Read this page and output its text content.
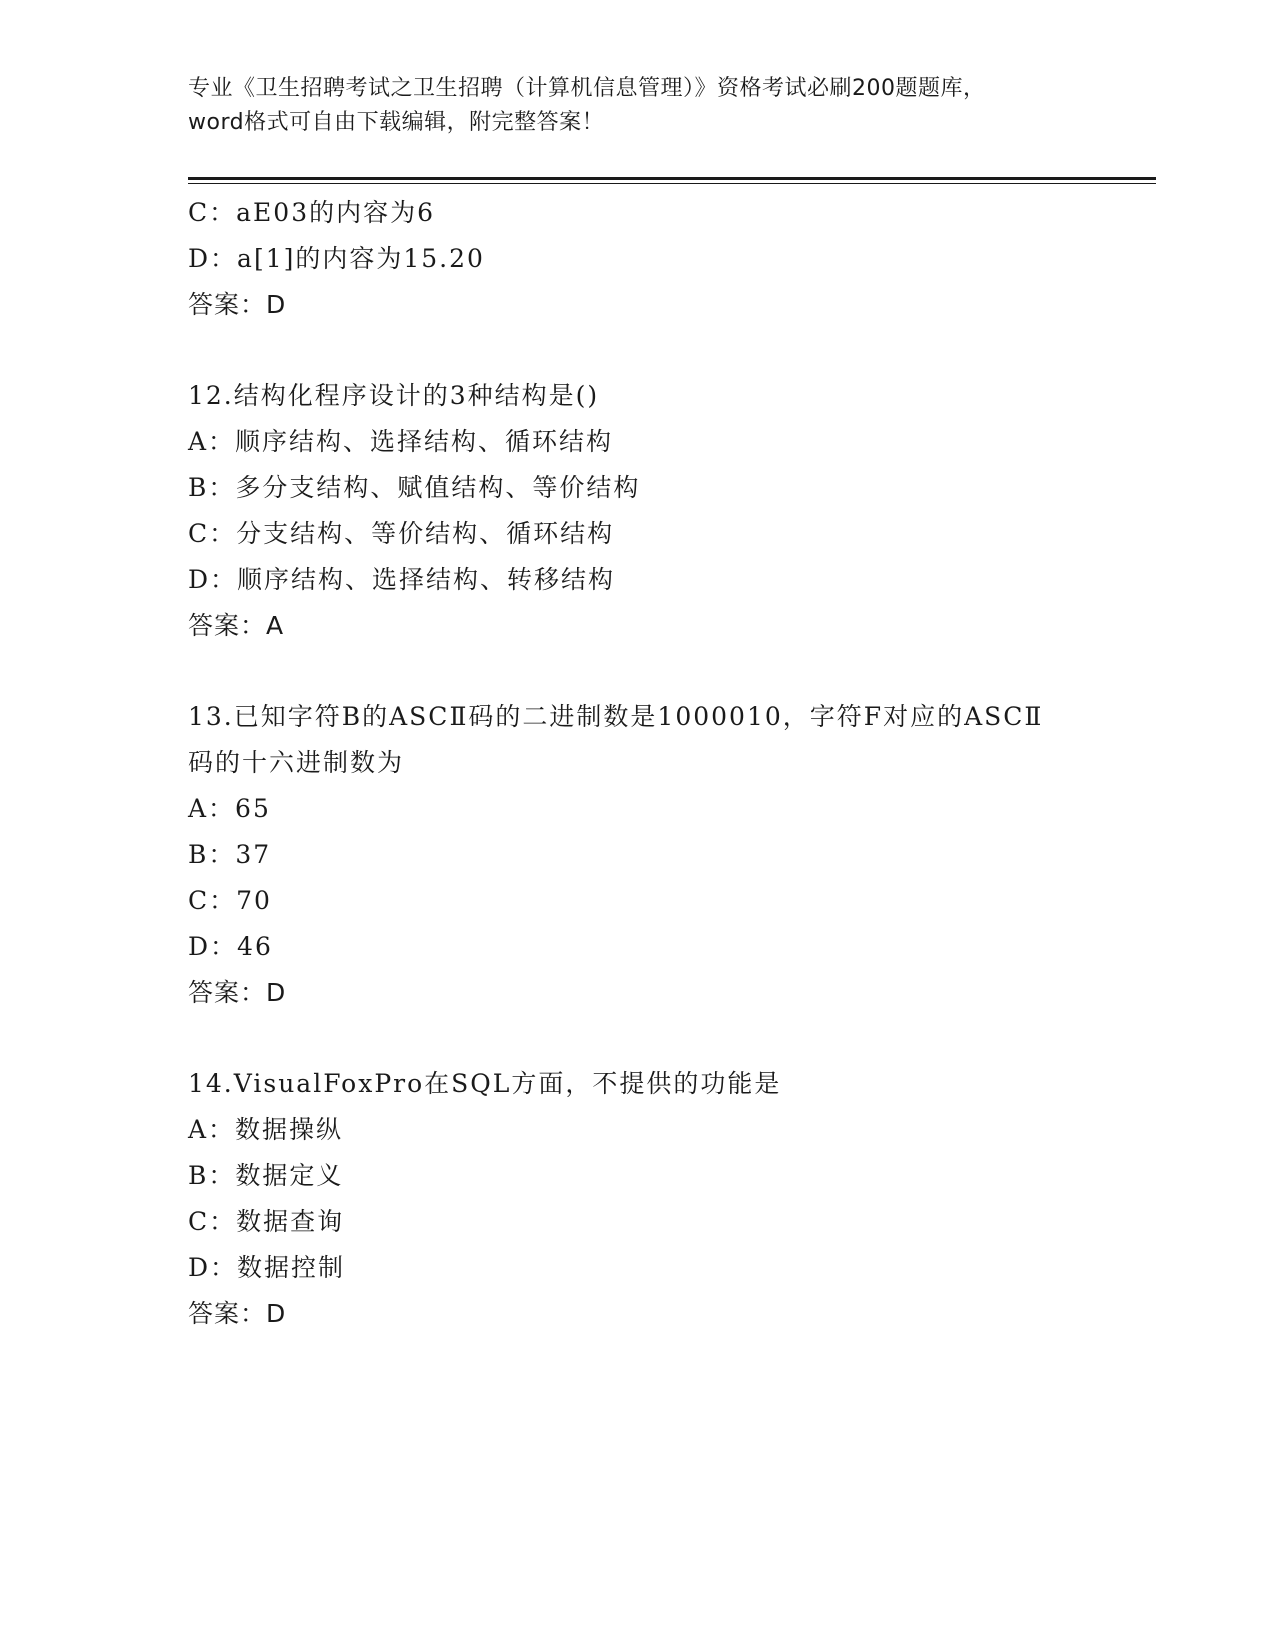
专业《卫生招聘考试之卫生招聘（计算机信息管理）》资格考试必刷200题题库，
word格式可自由下载编辑，附完整答案！
C：aE03的内容为6
D：a[1]的内容为15.20
答案：D
12.结构化程序设计的3种结构是()
A：顺序结构、选择结构、循环结构
B：多分支结构、赋值结构、等价结构
C：分支结构、等价结构、循环结构
D：顺序结构、选择结构、转移结构
答案：A
13.已知字符B的ASCⅡ码的二进制数是1000010，字符F对应的ASCⅡ
码的十六进制数为
A：65
B：37
C：70
D：46
答案：D
14.VisualFoxPro在SQL方面，不提供的功能是
A：数据操纵
B：数据定义
C：数据查询
D：数据控制
答案：D
